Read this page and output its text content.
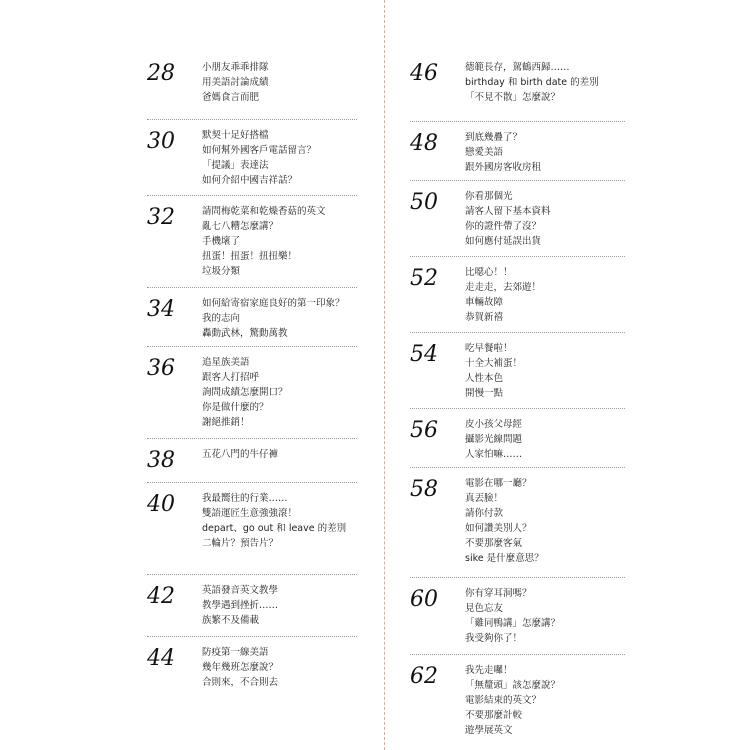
28	小朋友乖乖排隊
用美語討論成績
爸媽食言而肥
30	默契十足好搭檔
如何幫外國客戶電話留言？
「提議」表達法
如何介紹中國吉祥話？
32	請問梅乾菜和乾燥香菇的英文
亂七八糟怎麼講？
手機壞了
扭蛋！扭蛋！扭扭樂！
垃圾分類
34	如何給寄宿家庭良好的第一印象？
我的志向
轟動武林，驚動萬教
36	追星族美語
跟客人打招呼
詢問成績怎麼開口？
你是做什麼的？
謝絕推銷！
38	五花八門的牛仔褲
40	我最嚮往的行業……
雙語運匠生意強強滾！
depart、go out 和 leave 的差別
二輪片？預告片？
42	英語發音英文教學
教學遇到挫折……
族繁不及備載
44	防疫第一線美語
幾年幾班怎麼說？
合則來，不合則去
46	德範長存，駕鶴西歸……
birthday 和 birth date 的差別
「不見不散」怎麼說？
48	到底幾疊了？
戀愛美語
跟外國房客收房租
50	你看那個光
請客人留下基本資料
你的證件帶了沒？
如何應付延誤出貨
52	比噁心！！
走走走，去郊遊！
車輛故障
恭賀新禧
54	吃早餐啦！
十全大補蛋！
人性本色
開慢一點
56	皮小孩父母經
攝影光線問題
人家怕嘛……
58	電影在哪一廳？
真丟臉！
請你付款
如何讚美別人？
不要那麼客氣
sike 是什麼意思？
60	你有穿耳洞嗎？
見色忘友
「雞同鴨講」怎麼講？
我受夠你了！
62	我先走囉！
「無釐頭」該怎麼說？
電影結束的英文？
不要那麼計較
遊學展英文
